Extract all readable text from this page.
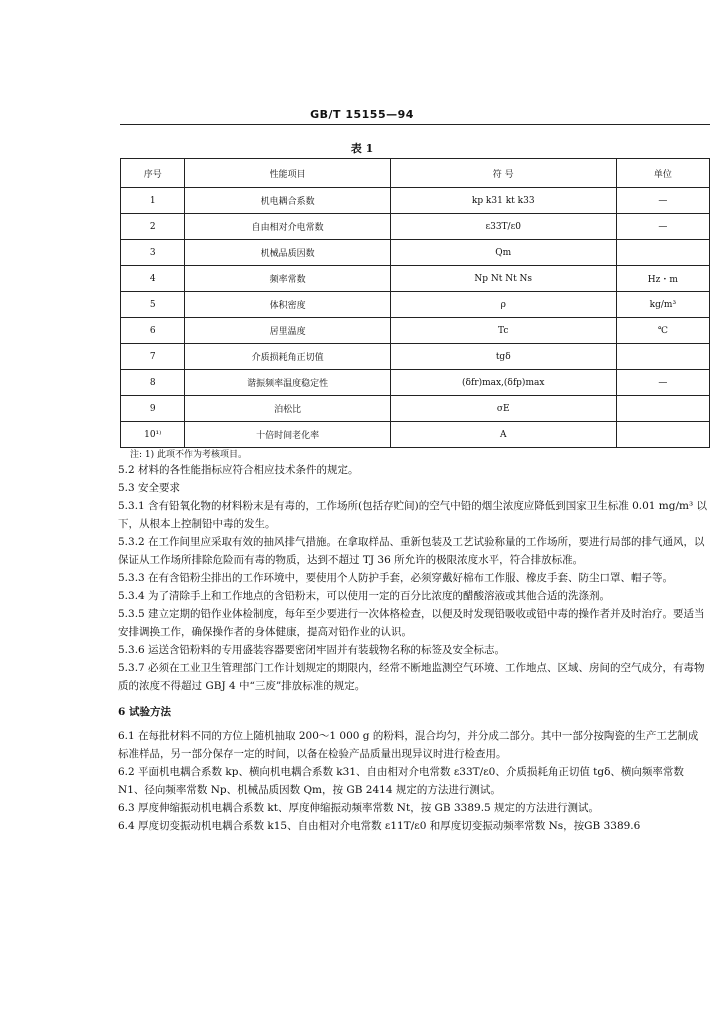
GB/T 15155—94
表 1
序号	性能项目	符 号	单位
1	机电耦合系数	kp k31 kt k33	—
2	自由相对介电常数	ε33T/ε0	—
3	机械品质因数	Qm	
4	频率常数	Np Nt Nt Ns	Hz・m
5	体积密度	ρ	kg/m³
6	居里温度	Tc	℃
7	介质损耗角正切值	tgδ	
8	谐振频率温度稳定性	(δfr)max,(δfp)max	—
9	泊松比	σE	
10¹⁾	十倍时间老化率	A	
注: 1) 此项不作为考核项目。

5.2 材料的各性能指标应符合相应技术条件的规定。

5.3 安全要求

5.3.1 含有铅氧化物的材料粉末是有毒的，工作场所(包括存贮间)的空气中铅的烟尘浓度应降低到国家卫生标准 0.01 mg/m³ 以下，从根本上控制铅中毒的发生。

5.3.2 在工作间里应采取有效的抽风排气措施。在拿取样品、重新包装及工艺试验称量的工作场所，要进行局部的排气通风，以保证从工作场所排除危险而有毒的物质，达到不超过 TJ 36 所允许的极限浓度水平，符合排放标准。

5.3.3 在有含铅粉尘排出的工作环境中，要使用个人防护手套，必须穿戴好棉布工作服、橡皮手套、防尘口罩、帽子等。

5.3.4 为了清除手上和工作地点的含铅粉末，可以使用一定的百分比浓度的醋酸溶液或其他合适的洗涤剂。

5.3.5 建立定期的铅作业体检制度，每年至少要进行一次体格检查，以便及时发现铅吸收或铅中毒的操作者并及时治疗。要适当安排调换工作，确保操作者的身体健康，提高对铅作业的认识。

5.3.6 运送含铅粉料的专用盛装容器要密闭牢固并有装载物名称的标签及安全标志。

5.3.7 必须在工业卫生管理部门工作计划规定的期限内，经常不断地监测空气环境、工作地点、区域、房间的空气成分，有毒物质的浓度不得超过 GBJ 4 中“三废”排放标准的规定。

6 试验方法

6.1 在每批材料不同的方位上随机抽取 200～1 000 g 的粉料，混合均匀，并分成二部分。其中一部分按陶瓷的生产工艺制成标准样品，另一部分保存一定的时间，以备在检验产品质量出现异议时进行检查用。

6.2 平面机电耦合系数 kp、横向机电耦合系数 k31、自由相对介电常数 ε33T/ε0、介质损耗角正切值 tgδ、横向频率常数 N1、径向频率常数 Np、机械品质因数 Qm，按 GB 2414 规定的方法进行测试。

6.3 厚度伸缩振动机电耦合系数 kt、厚度伸缩振动频率常数 Nt，按 GB 3389.5 规定的方法进行测试。

6.4 厚度切变振动机电耦合系数 k15、自由相对介电常数 ε11T/ε0 和厚度切变振动频率常数 Ns，按GB 3389.6
